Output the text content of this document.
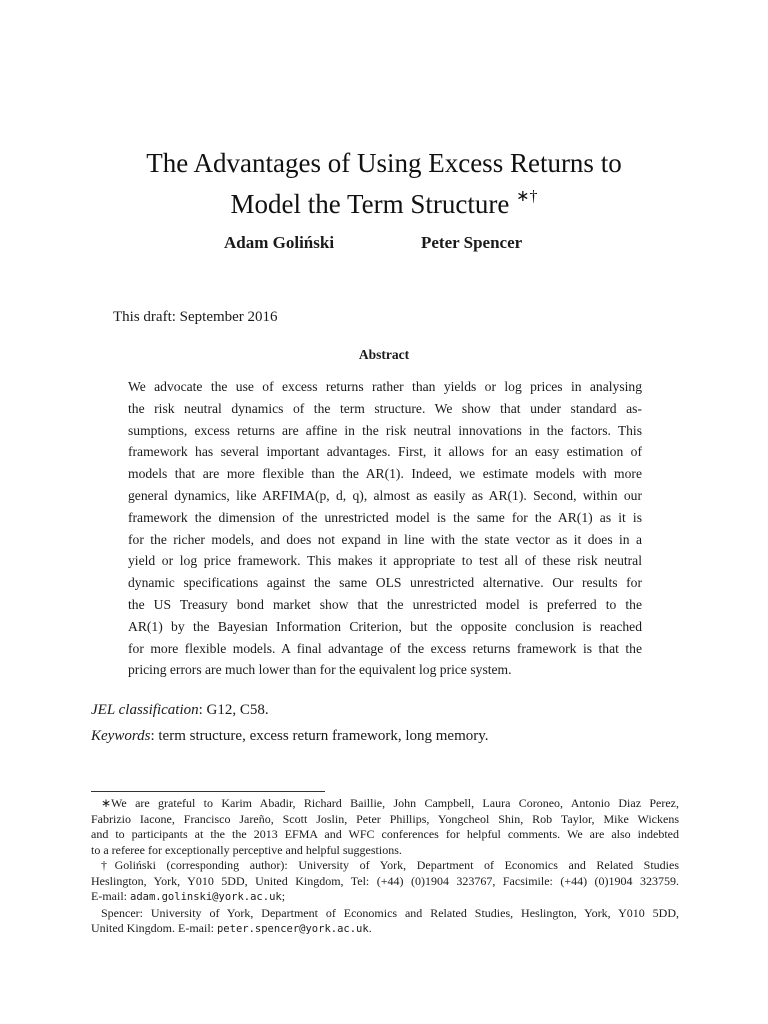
The Advantages of Using Excess Returns to
Model the Term Structure ∗†
Adam Goliński	Peter Spencer
This draft: September 2016
Abstract
We advocate the use of excess returns rather than yields or log prices in analysing
the risk neutral dynamics of the term structure. We show that under standard as-
sumptions, excess returns are affine in the risk neutral innovations in the factors. This
framework has several important advantages. First, it allows for an easy estimation of
models that are more flexible than the AR(1). Indeed, we estimate models with more
general dynamics, like ARFIMA(p, d, q), almost as easily as AR(1). Second, within our
framework the dimension of the unrestricted model is the same for the AR(1) as it is
for the richer models, and does not expand in line with the state vector as it does in a
yield or log price framework. This makes it appropriate to test all of these risk neutral
dynamic specifications against the same OLS unrestricted alternative. Our results for
the US Treasury bond market show that the unrestricted model is preferred to the
AR(1) by the Bayesian Information Criterion, but the opposite conclusion is reached
for more flexible models. A final advantage of the excess returns framework is that the
pricing errors are much lower than for the equivalent log price system.
JEL classification: G12, C58.
Keywords: term structure, excess return framework, long memory.
∗We are grateful to Karim Abadir, Richard Baillie, John Campbell, Laura Coroneo, Antonio Diaz Perez,
Fabrizio Iacone, Francisco Jareño, Scott Joslin, Peter Phillips, Yongcheol Shin, Rob Taylor, Mike Wickens
and to participants at the the 2013 EFMA and WFC conferences for helpful comments. We are also indebted
to a referee for exceptionally perceptive and helpful suggestions.
†Goliński (corresponding author): University of York, Department of Economics and Related Studies
Heslington, York, Y010 5DD, United Kingdom, Tel: (+44) (0)1904 323767, Facsimile: (+44) (0)1904 323759.
E-mail: adam.golinski@york.ac.uk;
Spencer: University of York, Department of Economics and Related Studies, Heslington, York, Y010 5DD,
United Kingdom. E-mail: peter.spencer@york.ac.uk.
